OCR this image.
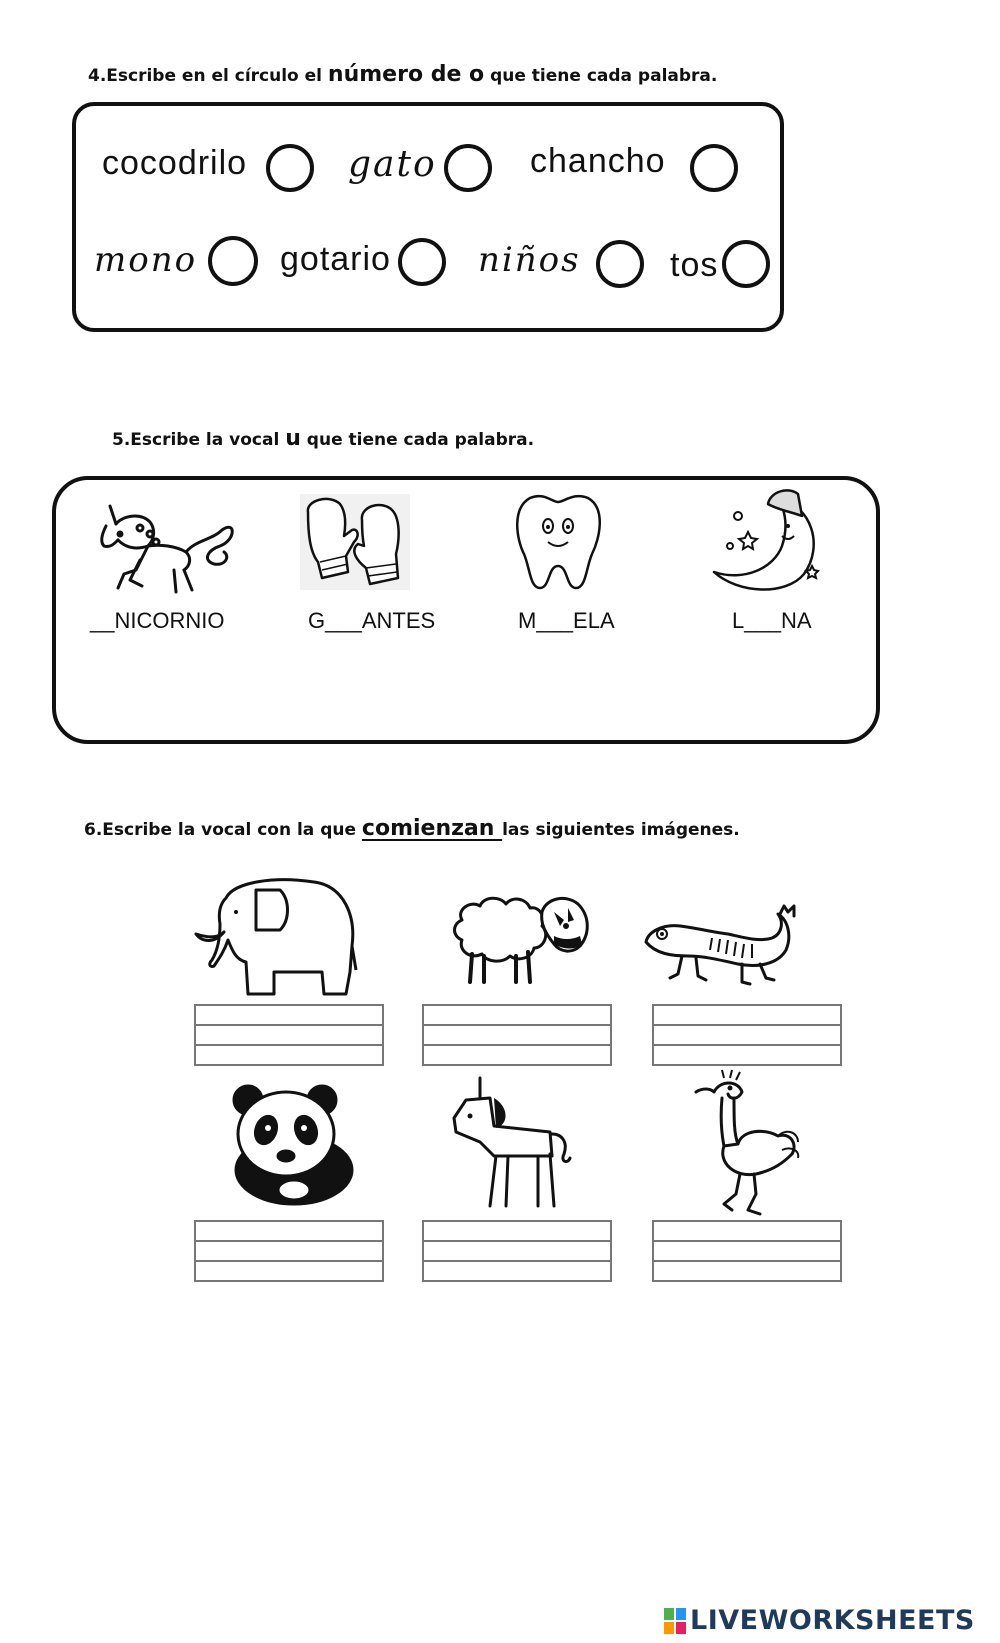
4.Escribe en el círculo el número de o que tiene cada palabra.
cocodrilo	gato	chancho
mono gotario	niños	tos
5.Escribe la vocal u que tiene cada palabra.
__NICORNIO	G___ANTES	M___ELA	L___NA
6.Escribe la vocal con la que comienzan las siguientes imágenes.
LIVEWORKSHEETS
